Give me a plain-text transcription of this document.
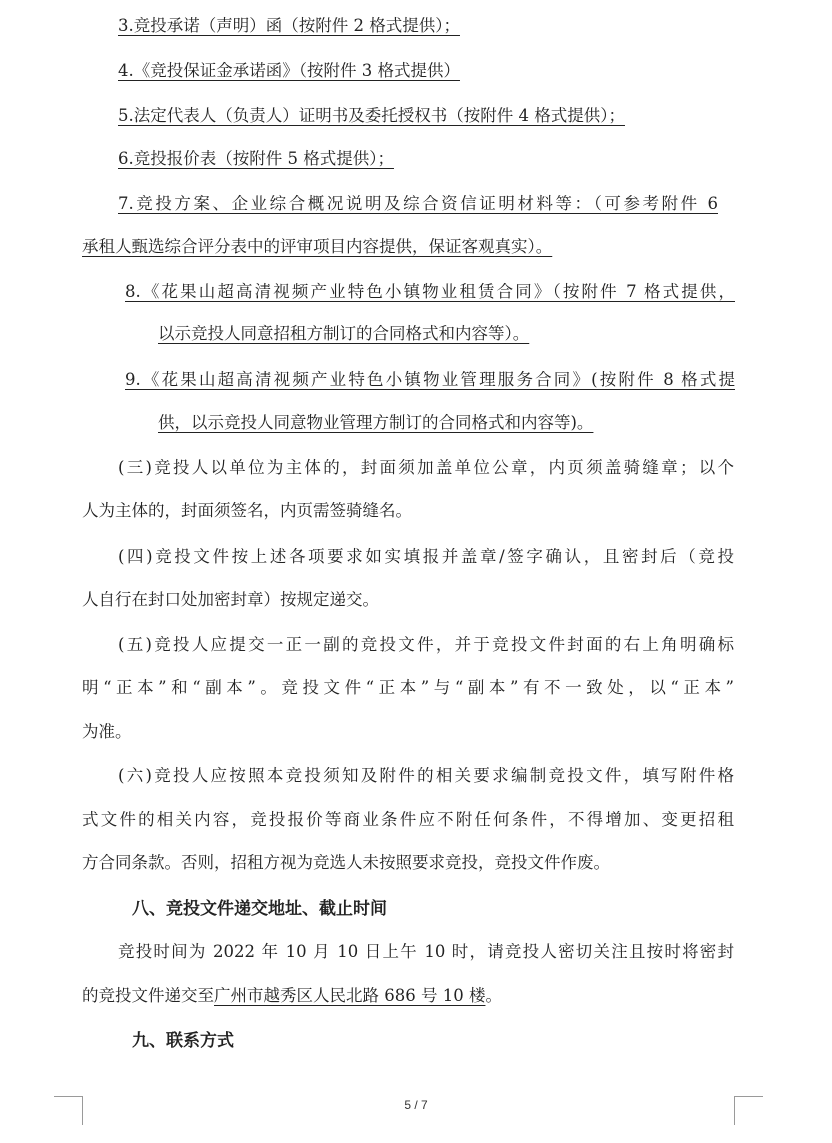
3.竞投承诺（声明）函（按附件 2 格式提供）；
4.《竞投保证金承诺函》（按附件 3 格式提供）
5.法定代表人（负责人）证明书及委托授权书（按附件 4 格式提供）；
6.竞投报价表（按附件 5 格式提供）；
7.竞投方案、企业综合概况说明及综合资信证明材料等：（可参考附件 6
承租人甄选综合评分表中的评审项目内容提供，保证客观真实）。
8.《花果山超高清视频产业特色小镇物业租赁合同》（按附件 7 格式提供，
以示竞投人同意招租方制订的合同格式和内容等）。
9.《花果山超高清视频产业特色小镇物业管理服务合同》(按附件 8 格式提
供，以示竞投人同意物业管理方制订的合同格式和内容等)。
(三)竞投人以单位为主体的，封面须加盖单位公章，内页须盖骑缝章；以个
人为主体的，封面须签名，内页需签骑缝名。
(四)竞投文件按上述各项要求如实填报并盖章/签字确认，且密封后（竞投
人自行在封口处加密封章）按规定递交。
(五)竞投人应提交一正一副的竞投文件，并于竞投文件封面的右上角明确标
明“正本”和“副本”。竞投文件“正本”与“副本”有不一致处，以“正本”
为准。
(六)竞投人应按照本竞投须知及附件的相关要求编制竞投文件，填写附件格
式文件的相关内容，竞投报价等商业条件应不附任何条件，不得增加、变更招租
方合同条款。否则，招租方视为竞选人未按照要求竞投，竞投文件作废。
八、竞投文件递交地址、截止时间
竞投时间为 2022 年 10 月 10 日上午 10 时，请竞投人密切关注且按时将密封
的竞投文件递交至广州市越秀区人民北路 686 号 10 楼。
九、联系方式
5 / 7
